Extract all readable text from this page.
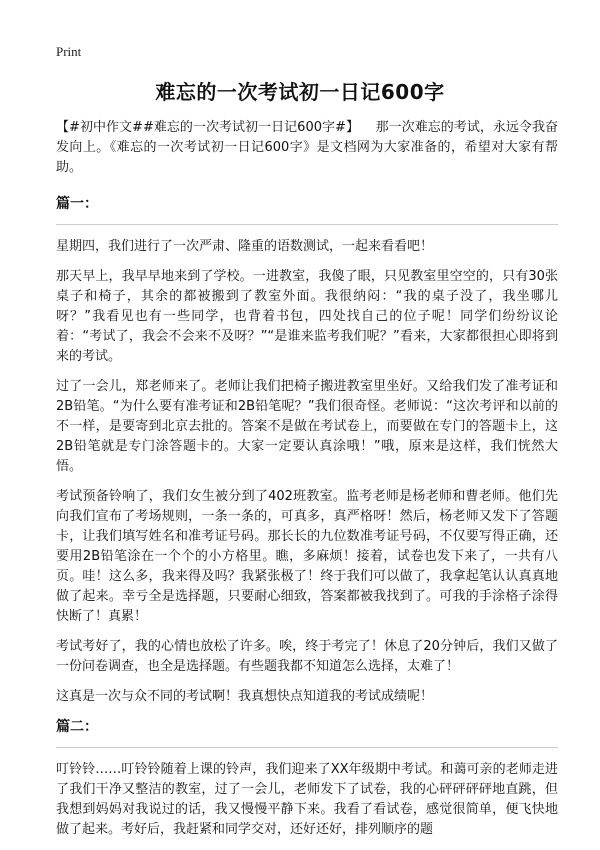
Print
难忘的一次考试初一日记600字

【#初中作文##难忘的一次考试初一日记600字#】 那一次难忘的考试，永远令我奋发向上。《难忘的一次考试初一日记600字》是文档网为大家准备的，希望对大家有帮助。

篇一：

星期四，我们进行了一次严肃、隆重的语数测试，一起来看看吧！

那天早上，我早早地来到了学校。一进教室，我傻了眼，只见教室里空空的，只有30张桌子和椅子，其余的都被搬到了教室外面。我很纳闷：“我的桌子没了，我坐哪儿呀？”我看见也有一些同学，也背着书包，四处找自己的位子呢！同学们纷纷议论着：“考试了，我会不会来不及呀？”“是谁来监考我们呢？”看来，大家都很担心即将到来的考试。

过了一会儿，郑老师来了。老师让我们把椅子搬进教室里坐好。又给我们发了准考证和2B铅笔。“为什么要有准考证和2B铅笔呢？”我们很奇怪。老师说：“这次考评和以前的不一样，是要寄到北京去批的。答案不是做在考试卷上，而要做在专门的答题卡上，这2B铅笔就是专门涂答题卡的。大家一定要认真涂哦！”哦，原来是这样，我们恍然大悟。

考试预备铃响了，我们女生被分到了402班教室。监考老师是杨老师和曹老师。他们先向我们宣布了考场规则，一条一条的，可真多，真严格呀！然后，杨老师又发下了答题卡，让我们填写姓名和准考证号码。那长长的九位数准考证号码，不仅要写得正确，还要用2B铅笔涂在一个个的小方格里。瞧，多麻烦！接着，试卷也发下来了，一共有八页。哇！这么多，我来得及吗？我紧张极了！终于我们可以做了，我拿起笔认认真真地做了起来。幸亏全是选择题，只要耐心细致，答案都被我找到了。可我的手涂格子涂得快断了！真累！

考试考好了，我的心情也放松了许多。唉，终于考完了！休息了20分钟后，我们又做了一份问卷调查，也全是选择题。有些题我都不知道怎么选择，太难了！

这真是一次与众不同的考试啊！我真想快点知道我的考试成绩呢！

篇二：

叮铃铃……叮铃铃随着上课的铃声，我们迎来了XX年级期中考试。和蔼可亲的老师走进了我们干净又整洁的教室，过了一会儿，老师发下了试卷，我的心砰砰砰砰地直跳，但我想到妈妈对我说过的话，我又慢慢平静下来。我看了看试卷，感觉很简单，便飞快地做了起来。考好后，我赶紧和同学交对，还好还好，排列顺序的题
